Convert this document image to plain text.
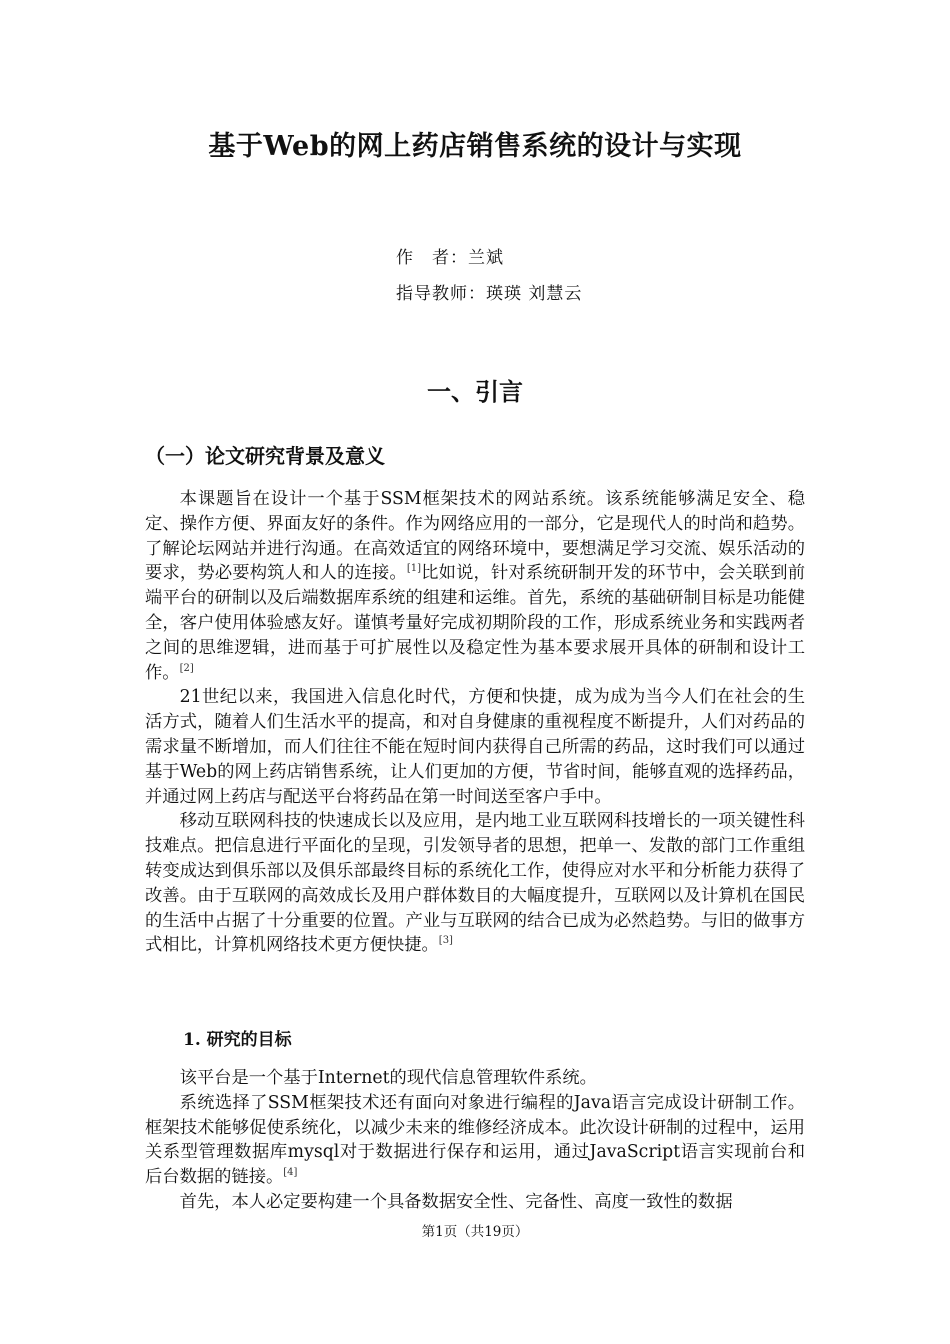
基于Web的网上药店销售系统的设计与实现
作　者：兰斌
指导教师：瑛瑛 刘慧云
一、引言
（一）论文研究背景及意义

本课题旨在设计一个基于SSM框架技术的网站系统。该系统能够满足安全、稳定、操作方便、界面友好的条件。作为网络应用的一部分，它是现代人的时尚和趋势。了解论坛网站并进行沟通。在高效适宜的网络环境中，要想满足学习交流、娱乐活动的要求，势必要构筑人和人的连接。[1]比如说，针对系统研制开发的环节中，会关联到前端平台的研制以及后端数据库系统的组建和运维。首先，系统的基础研制目标是功能健全，客户使用体验感友好。谨慎考量好完成初期阶段的工作，形成系统业务和实践两者之间的思维逻辑，进而基于可扩展性以及稳定性为基本要求展开具体的研制和设计工作。[2]

21世纪以来，我国进入信息化时代，方便和快捷，成为成为当今人们在社会的生活方式，随着人们生活水平的提高，和对自身健康的重视程度不断提升，人们对药品的需求量不断增加，而人们往往不能在短时间内获得自己所需的药品，这时我们可以通过基于Web的网上药店销售系统，让人们更加的方便，节省时间，能够直观的选择药品，并通过网上药店与配送平台将药品在第一时间送至客户手中。

移动互联网科技的快速成长以及应用，是内地工业互联网科技增长的一项关键性科技难点。把信息进行平面化的呈现，引发领导者的思想，把单一、发散的部门工作重组转变成达到俱乐部以及俱乐部最终目标的系统化工作，使得应对水平和分析能力获得了改善。由于互联网的高效成长及用户群体数目的大幅度提升，互联网以及计算机在国民的生活中占据了十分重要的位置。产业与互联网的结合已成为必然趋势。与旧的做事方式相比，计算机网络技术更方便快捷。[3]

1. 研究的目标

该平台是一个基于Internet的现代信息管理软件系统。

系统选择了SSM框架技术还有面向对象进行编程的Java语言完成设计研制工作。框架技术能够促使系统化，以减少未来的维修经济成本。此次设计研制的过程中，运用关系型管理数据库mysql对于数据进行保存和运用，通过JavaScript语言实现前台和后台数据的链接。[4]

首先，本人必定要构建一个具备数据安全性、完备性、高度一致性的数据

第1页（共19页）
